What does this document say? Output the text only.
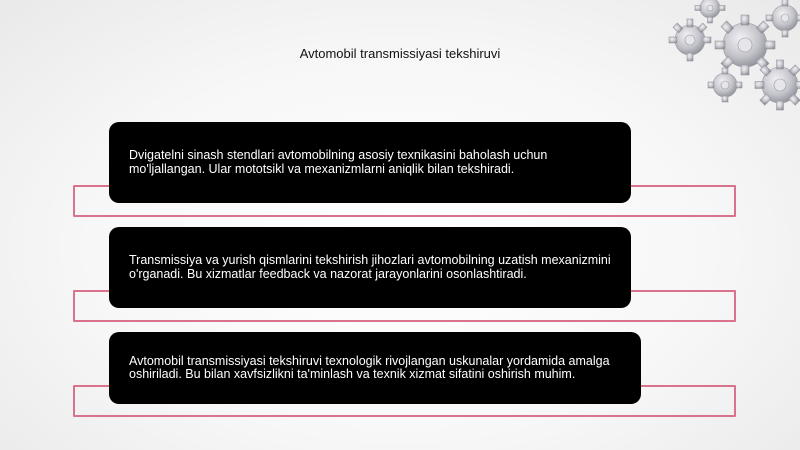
Avtomobil transmissiyasi tekshiruvi
Dvigatelni sinash stendlari avtomobilning asosiy texnikasini baholash uchun mo'ljallangan. Ular mototsikl va mexanizmlarni aniqlik bilan tekshiradi.
Transmissiya va yurish qismlarini tekshirish jihozlari avtomobilning uzatish mexanizmini o'rganadi. Bu xizmatlar feedback va nazorat jarayonlarini osonlashtiradi.
Avtomobil transmissiyasi tekshiruvi texnologik rivojlangan uskunalar yordamida amalga oshiriladi. Bu bilan xavfsizlikni ta'minlash va texnik xizmat sifatini oshirish muhim.
